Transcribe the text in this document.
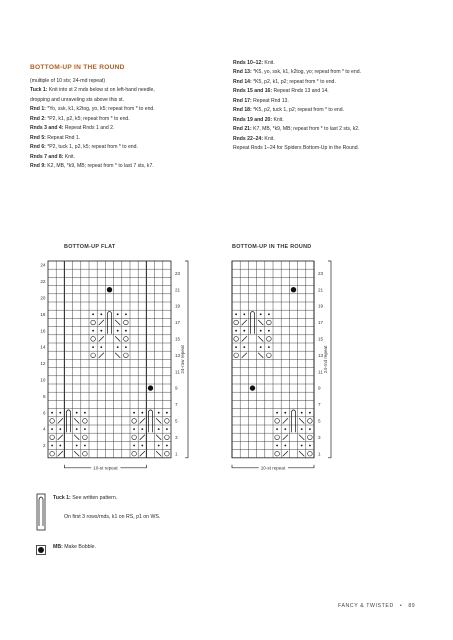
BOTTOM-UP IN THE ROUND

(multiple of 10 sts; 24-rnd repeat)

Tuck 1: Knit into st 2 rnds below st on left-hand needle,

dropping and unraveling sts above this st.

Rnd 1: *Yo, ssk, k1, k2tog, yo, k5; repeat from * to end.

Rnd 2: *P2, k1, p2, k5; repeat from * to end.

Rnds 3 and 4: Repeat Rnds 1 and 2.

Rnd 5: Repeat Rnd 1.

Rnd 6: *P2, tuck 1, p2, k5; repeat from * to end.

Rnds 7 and 8: Knit.

Rnd 9: K2, MB, *k9, MB; repeat from * to last 7 sts, k7.

Rnds 10–12: Knit.

Rnd 13: *K5, yo, ssk, k1, k2tog, yo; repeat from * to end.

Rnd 14: *K5, p2, k1, p2; repeat from * to end.

Rnds 15 and 16: Repeat Rnds 13 and 14.

Rnd 17: Repeat Rnd 13.

Rnd 18: *K5, p2, tuck 1, p2; repeat from * to end.

Rnds 19 and 20: Knit.

Rnd 21: K7, MB, *k9, MB; repeat from * to last 2 sts, k2.

Rnds 22–24: Knit.

Repeat Rnds 1–24 for Spiders Bottom-Up in the Round.

BOTTOM-UP FLAT
23
21
19
17
15
13
11
9
7
5
3
1
24
22
20
18
16
14
12
10
8
6
4
2
24-row repeat
10-st repeat
BOTTOM-UP IN THE ROUND
23
21
19
17
15
13
11
9
7
5
3
1
24-rnd repeat
10-st repeat
Tuck 1: See written pattern.
On first 3 rows/rnds, k1 on RS, p1 on WS.
MB: Make Bobble.
FANCY & TWISTED • 89
